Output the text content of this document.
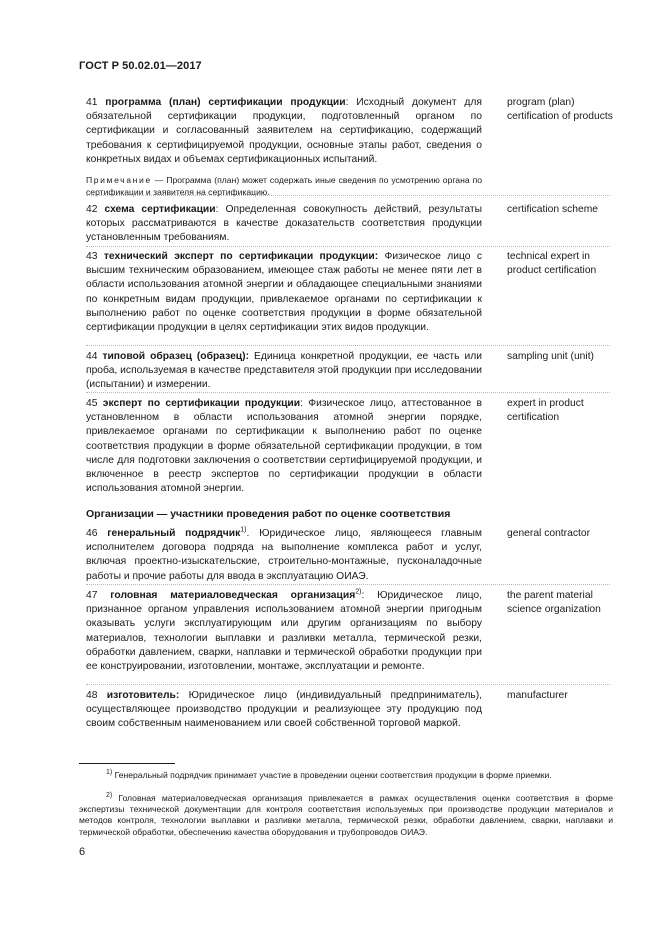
ГОСТ Р 50.02.01—2017
41 программа (план) сертификации продукции: Исходный документ для обязательной сертификации продукции, подготовленный органом по сертификации и согласованный заявителем на сертификацию, содержащий требования к сертифицируемой продукции, основные этапы работ, сведения о конкретных видах и объемах сертификационных испытаний.
program (plan) certification of products
Примечание — Программа (план) может содержать иные сведения по усмотрению органа по сертификации и заявителя на сертификацию.
42 схема сертификации: Определенная совокупность действий, результаты которых рассматриваются в качестве доказательств соответствия продукции установленным требованиям.
certification scheme
43 технический эксперт по сертификации продукции: Физическое лицо с высшим техническим образованием, имеющее стаж работы не менее пяти лет в области использования атомной энергии и обладающее специальными знаниями по конкретным видам продукции, привлекаемое органами по сертификации к выполнению работ по оценке соответствия продукции в форме обязательной сертификации продукции в целях сертификации этих видов продукции.
technical expert in product certification
44 типовой образец (образец): Единица конкретной продукции, ее часть или проба, используемая в качестве представителя этой продукции при исследовании (испытании) и измерении.
sampling unit (unit)
45 эксперт по сертификации продукции: Физическое лицо, аттестованное в установленном в области использования атомной энергии порядке, привлекаемое органами по сертификации к выполнению работ по оценке соответствия продукции в форме обязательной сертификации продукции, в том числе для подготовки заключения о соответствии сертифицируемой продукции, и включенное в реестр экспертов по сертификации продукции в области использования атомной энергии.
expert in product certification
Организации — участники проведения работ по оценке соответствия
46 генеральный подрядчик$^{1)}$. Юридическое лицо, являющееся главным исполнителем договора подряда на выполнение комплекса работ и услуг, включая проектно-изыскательские, строительно-монтажные, пусконаладочные работы и прочие работы для ввода в эксплуатацию ОИАЭ.
general contractor
47 головная материаловедческая организация$^{2)}$: Юридическое лицо, признанное органом управления использованием атомной энергии пригодным оказывать услуги эксплуатирующим или другим организациям по выбору материалов, технологии выплавки и разливки металла, термической резки, обработки давлением, сварки, наплавки и термической обработки продукции при ее конструировании, изготовлении, монтаже, эксплуатации и ремонте.
the parent material science organization
48 изготовитель: Юридическое лицо (индивидуальный предприниматель), осуществляющее производство продукции и реализующее эту продукцию под своим собственным наименованием или своей собственной торговой маркой.
manufacturer
$^{1)}$ Генеральный подрядчик принимает участие в проведении оценки соответствия продукции в форме приемки.
$^{2)}$ Головная материаловедческая организация привлекается в рамках осуществления оценки соответствия в форме экспертизы технической документации для контроля соответствия используемых при производстве продукции материалов и методов контроля, технологии выплавки и разливки металла, термической резки, обработки давлением, сварки, наплавки и термической обработки, обеспечению качества оборудования и трубопроводов ОИАЭ.
6
